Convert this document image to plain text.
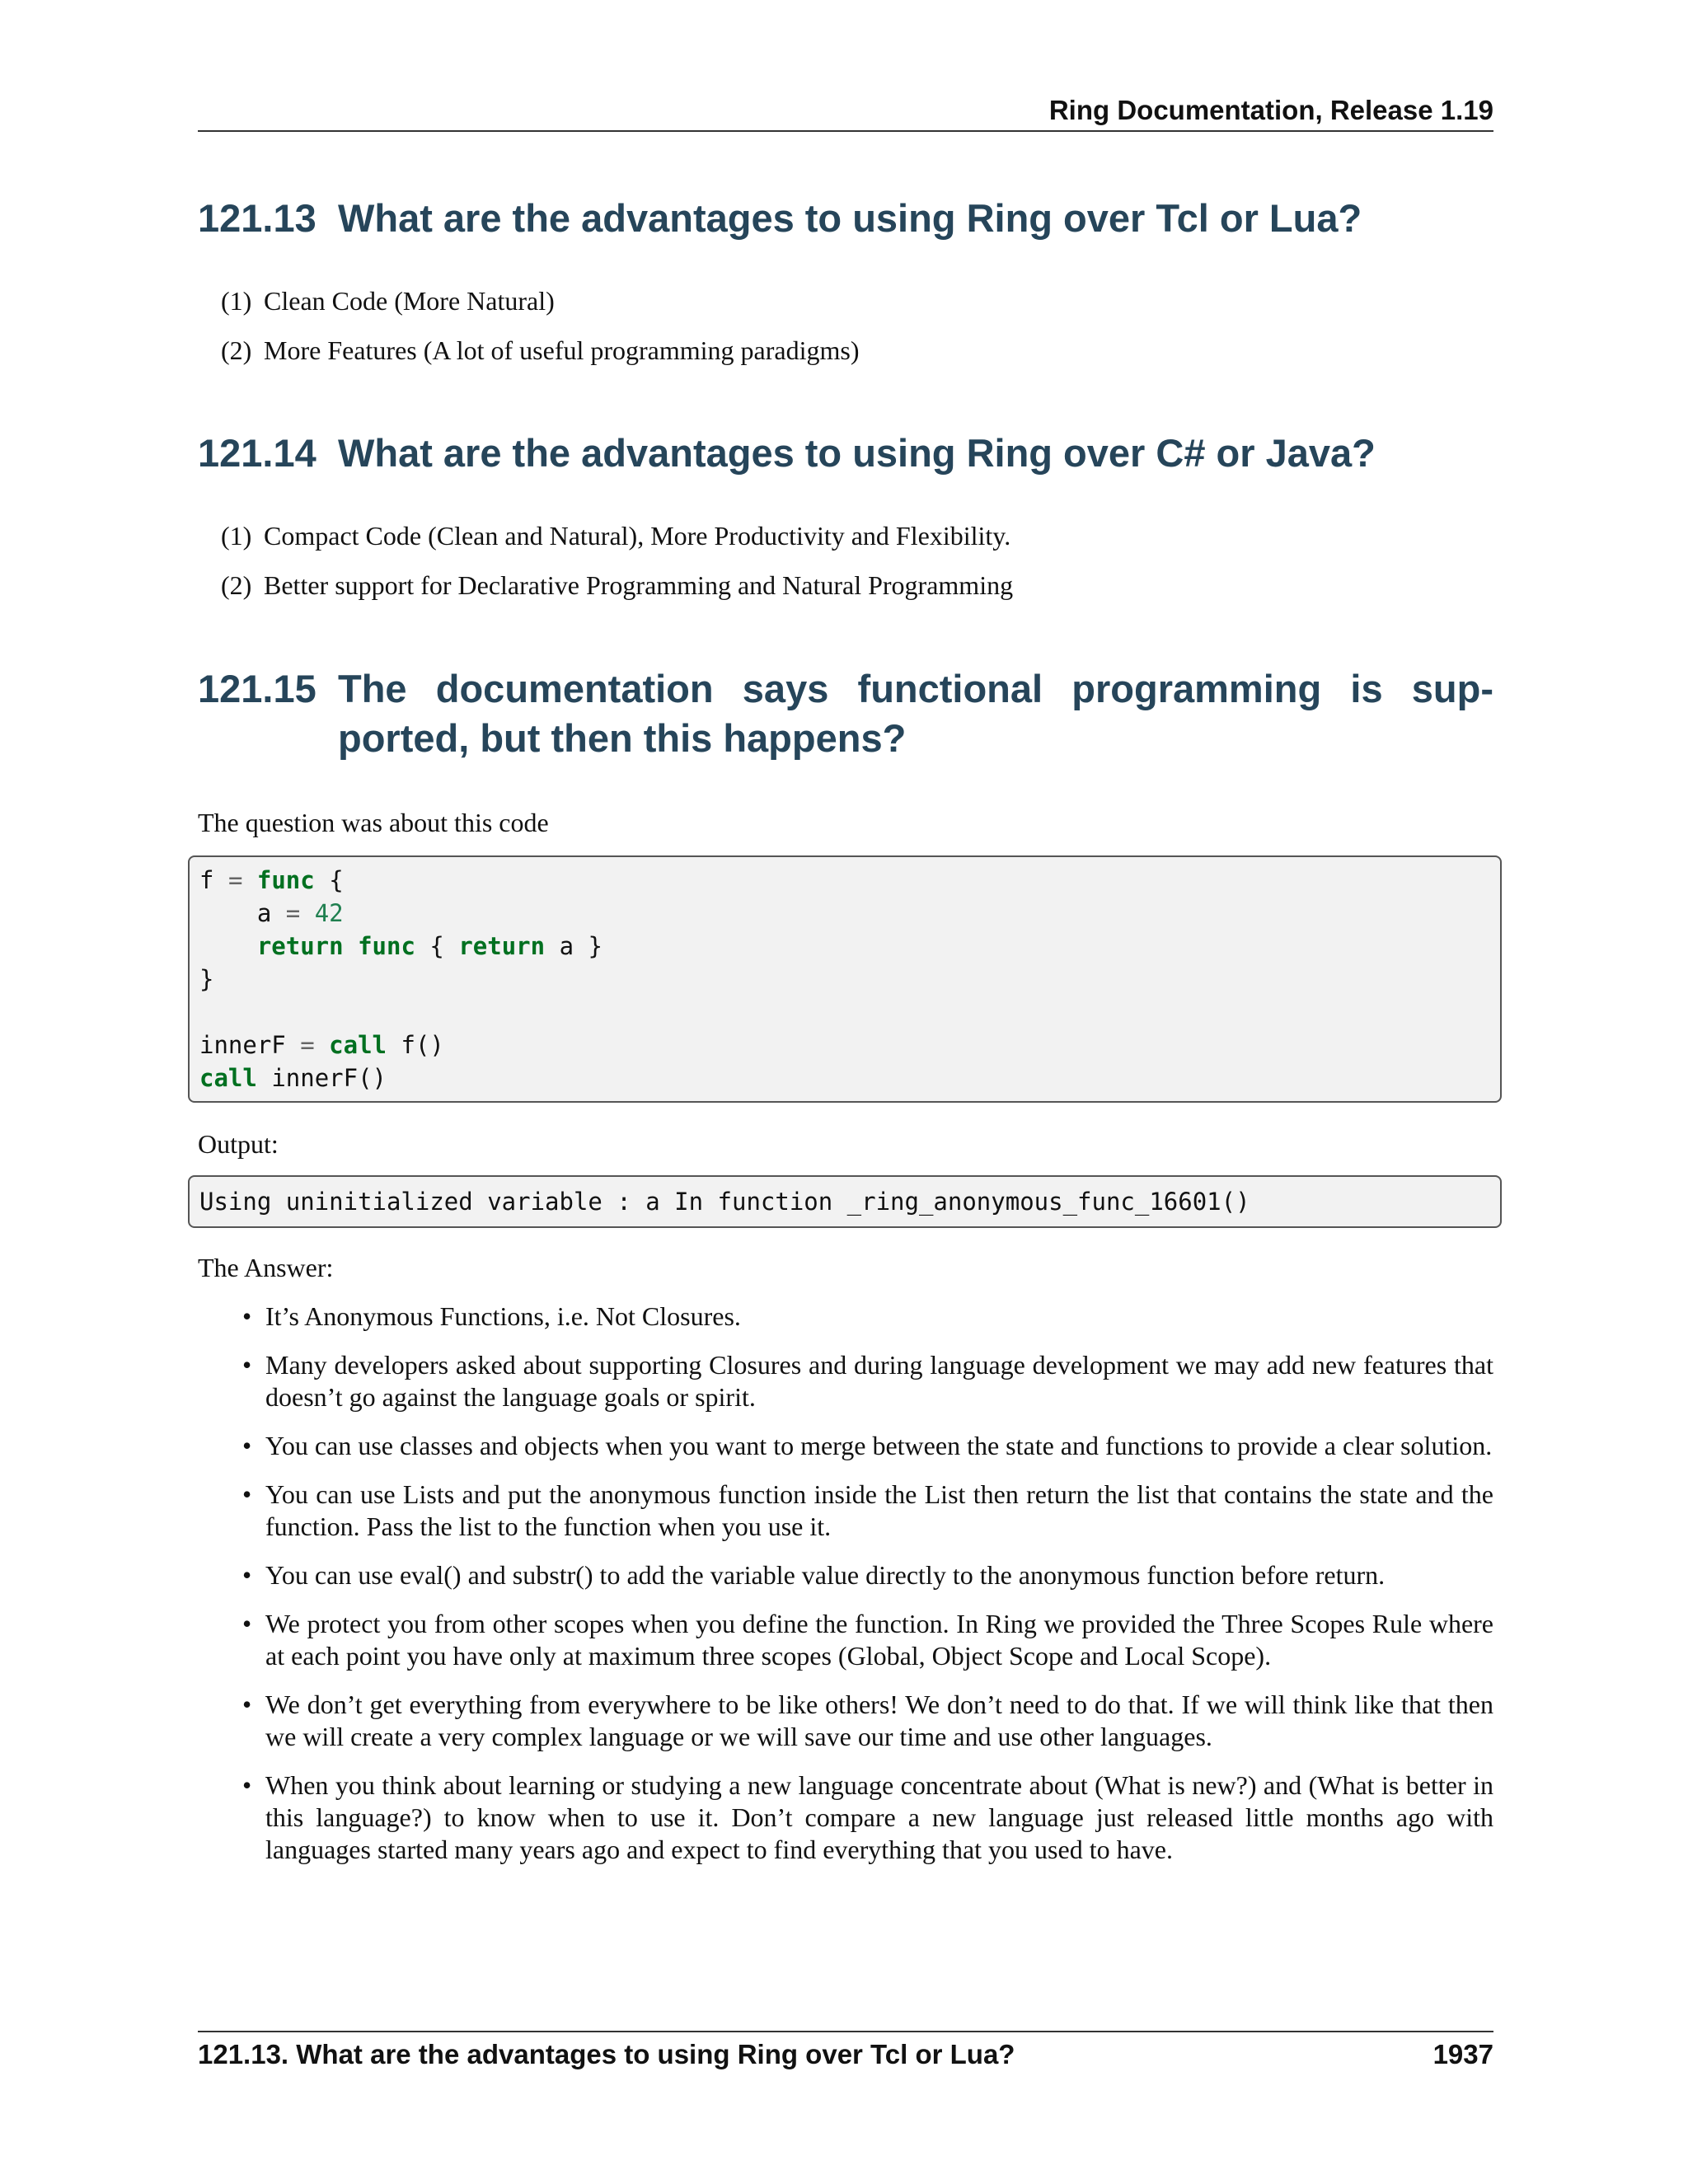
Ring Documentation, Release 1.19
121.13 What are the advantages to using Ring over Tcl or Lua?
(1) Clean Code (More Natural)
(2) More Features (A lot of useful programming paradigms)
121.14 What are the advantages to using Ring over C# or Java?
(1) Compact Code (Clean and Natural), More Productivity and Flexibility.
(2) Better support for Declarative Programming and Natural Programming
121.15 The documentation says functional programming is sup-
ported, but then this happens?

The question was about this code

f = func {
a = 42
return func { return a }
}

innerF = call f()
call innerF()

Output:

Using uninitialized variable : a In function _ring_anonymous_func_16601()

The Answer:

• It’s Anonymous Functions, i.e. Not Closures.
• Many developers asked about supporting Closures and during language development we may add new features that doesn’t go against the language goals or spirit.
• You can use classes and objects when you want to merge between the state and functions to provide a clear solution.
• You can use Lists and put the anonymous function inside the List then return the list that contains the state and the function. Pass the list to the function when you use it.
• You can use eval() and substr() to add the variable value directly to the anonymous function before return.
• We protect you from other scopes when you define the function. In Ring we provided the Three Scopes Rule where at each point you have only at maximum three scopes (Global, Object Scope and Local Scope).
• We don’t get everything from everywhere to be like others! We don’t need to do that. If we will think like that then we will create a very complex language or we will save our time and use other languages.
• When you think about learning or studying a new language concentrate about (What is new?) and (What is better in this language?) to know when to use it. Don’t compare a new language just released little months ago with languages started many years ago and expect to find everything that you used to have.
121.13. What are the advantages to using Ring over Tcl or Lua?	1937
